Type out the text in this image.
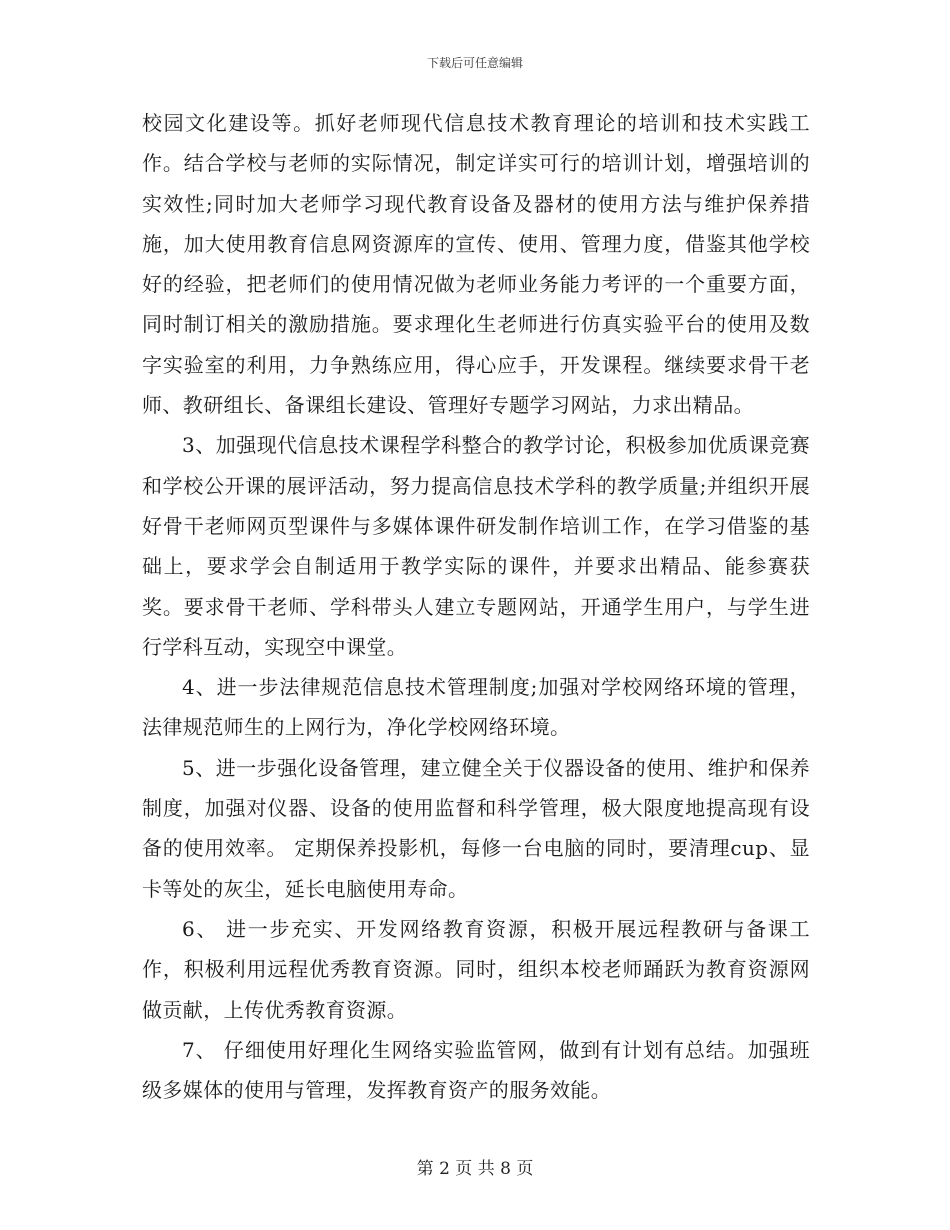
下载后可任意编辑

校园文化建设等。抓好老师现代信息技术教育理论的培训和技术实践工作。结合学校与老师的实际情况，制定详实可行的培训计划，增强培训的实效性;同时加大老师学习现代教育设备及器材的使用方法与维护保养措施，加大使用教育信息网资源库的宣传、使用、管理力度，借鉴其他学校好的经验，把老师们的使用情况做为老师业务能力考评的一个重要方面，同时制订相关的激励措施。要求理化生老师进行仿真实验平台的使用及数字实验室的利用，力争熟练应用，得心应手，开发课程。继续要求骨干老师、教研组长、备课组长建设、管理好专题学习网站，力求出精品。

3、加强现代信息技术课程学科整合的教学讨论，积极参加优质课竞赛和学校公开课的展评活动，努力提高信息技术学科的教学质量;并组织开展好骨干老师网页型课件与多媒体课件研发制作培训工作，在学习借鉴的基础上，要求学会自制适用于教学实际的课件，并要求出精品、能参赛获奖。要求骨干老师、学科带头人建立专题网站，开通学生用户，与学生进行学科互动，实现空中课堂。

4、进一步法律规范信息技术管理制度;加强对学校网络环境的管理，法律规范师生的上网行为，净化学校网络环境。

5、进一步强化设备管理，建立健全关于仪器设备的使用、维护和保养制度，加强对仪器、设备的使用监督和科学管理，极大限度地提高现有设备的使用效率。 定期保养投影机，每修一台电脑的同时，要清理cup、显卡等处的灰尘，延长电脑使用寿命。

6、 进一步充实、开发网络教育资源，积极开展远程教研与备课工作，积极利用远程优秀教育资源。同时，组织本校老师踊跃为教育资源网做贡献，上传优秀教育资源。

7、 仔细使用好理化生网络实验监管网，做到有计划有总结。加强班级多媒体的使用与管理，发挥教育资产的服务效能。

第 2 页 共 8 页
